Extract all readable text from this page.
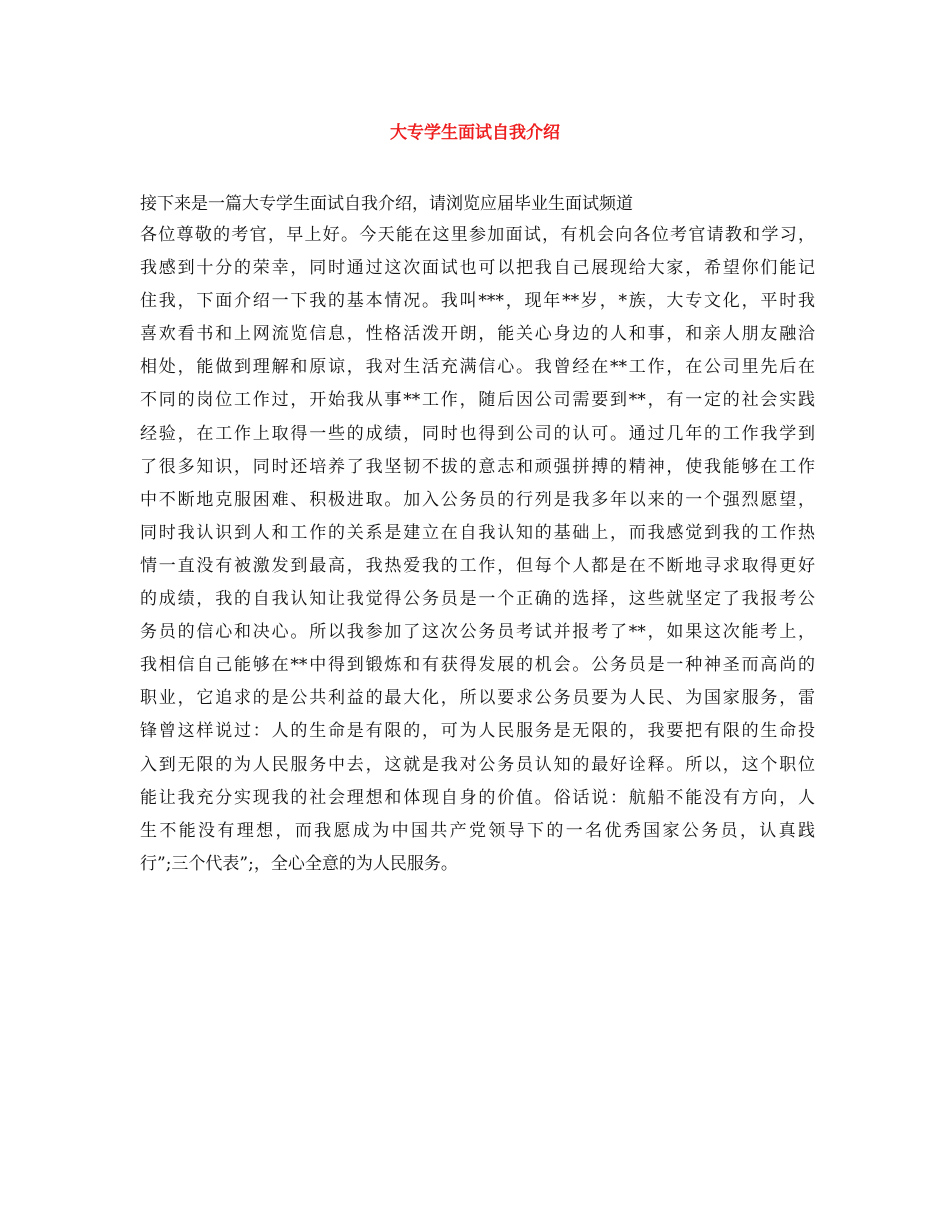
大专学生面试自我介绍
接下来是一篇大专学生面试自我介绍，请浏览应届毕业生面试频道
各位尊敬的考官，早上好。今天能在这里参加面试，有机会向各位考官请教和学习，
我感到十分的荣幸，同时通过这次面试也可以把我自己展现给大家，希望你们能记
住我，下面介绍一下我的基本情况。我叫***，现年**岁，*族，大专文化，平时我
喜欢看书和上网流览信息，性格活泼开朗，能关心身边的人和事，和亲人朋友融洽
相处，能做到理解和原谅，我对生活充满信心。我曾经在**工作，在公司里先后在
不同的岗位工作过，开始我从事**工作，随后因公司需要到**，有一定的社会实践
经验，在工作上取得一些的成绩，同时也得到公司的认可。通过几年的工作我学到
了很多知识，同时还培养了我坚韧不拔的意志和顽强拼搏的精神，使我能够在工作
中不断地克服困难、积极进取。加入公务员的行列是我多年以来的一个强烈愿望，
同时我认识到人和工作的关系是建立在自我认知的基础上，而我感觉到我的工作热
情一直没有被激发到最高，我热爱我的工作，但每个人都是在不断地寻求取得更好
的成绩，我的自我认知让我觉得公务员是一个正确的选择，这些就坚定了我报考公
务员的信心和决心。所以我参加了这次公务员考试并报考了**，如果这次能考上，
我相信自己能够在**中得到锻炼和有获得发展的机会。公务员是一种神圣而高尚的
职业，它追求的是公共利益的最大化，所以要求公务员要为人民、为国家服务，雷
锋曾这样说过：人的生命是有限的，可为人民服务是无限的，我要把有限的生命投
入到无限的为人民服务中去，这就是我对公务员认知的最好诠释。所以，这个职位
能让我充分实现我的社会理想和体现自身的价值。俗话说：航船不能没有方向，人
生不能没有理想，而我愿成为中国共产党领导下的一名优秀国家公务员，认真践
行”;三个代表”;，全心全意的为人民服务。
